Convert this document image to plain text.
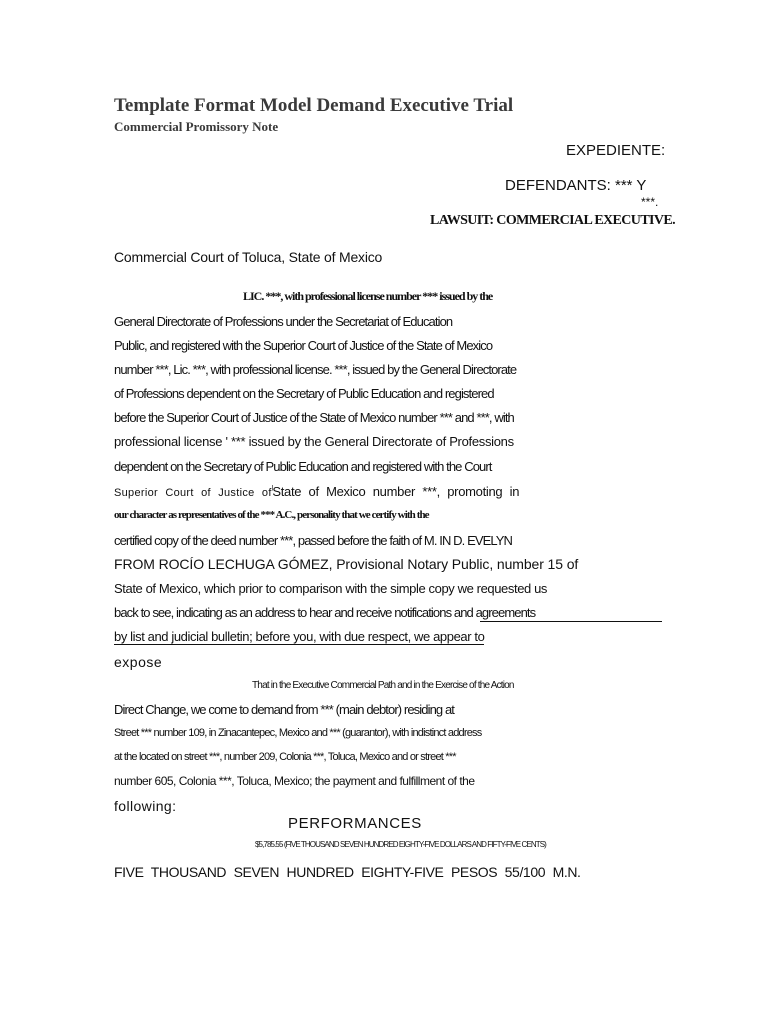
Template Format Model Demand Executive Trial
Commercial Promissory Note
EXPEDIENTE:
DEFENDANTS: *** Y
***.
LAWSUIT: COMMERCIAL EXECUTIVE.
Commercial Court of Toluca, State of Mexico
LIC. ***, with professional license number *** issued by the
General Directorate of Professions under the Secretariat of Education
Public, and registered with the Superior Court of Justice of the State of Mexico
number ***, Lic. ***, with professional license. ***, issued by the General Directorate
of Professions dependent on the Secretary of Public Education and registered
before the Superior Court of Justice of the State of Mexico number *** and ***, with
professional license ' *** issued by the General Directorate of Professions
dependent on the Secretary of Public Education and registered with the Court
Superior Court of Justice $of^lState$ of Mexico number ***, promoting in
our character as representatives of the *** A.C., personality that we certify with the
certified copy of the deed number ***, passed before the faith of M. IN D. EVELYN
FROM ROCÍO LECHUGA GÓMEZ, Provisional Notary Public, number 15 of
State of Mexico, which prior to comparison with the simple copy we requested us
back to see, indicating as an address to hear and receive notifications and agreements
by list and judicial bulletin; before you, with due respect, we appear to
expose
That in the Executive Commercial Path and in the Exercise of the Action
Direct Change, we come to demand from *** (main debtor) residing at
Street *** number 109, in Zinacantepec, Mexico and *** (guarantor), with indistinct address
at the located on street ***, number 209, Colonia ***, Toluca, Mexico and or street ***
number 605, Colonia ***, Toluca, Mexico; the payment and fulfillment of the
following:
PERFORMANCES
$5,785.55 (FIVE THOUSAND SEVEN HUNDRED EIGHTY-FIVE DOLLARS AND FIFTY-FIVE CENTS)
FIVE THOUSAND SEVEN HUNDRED EIGHTY-FIVE PESOS 55/100 M.N.
